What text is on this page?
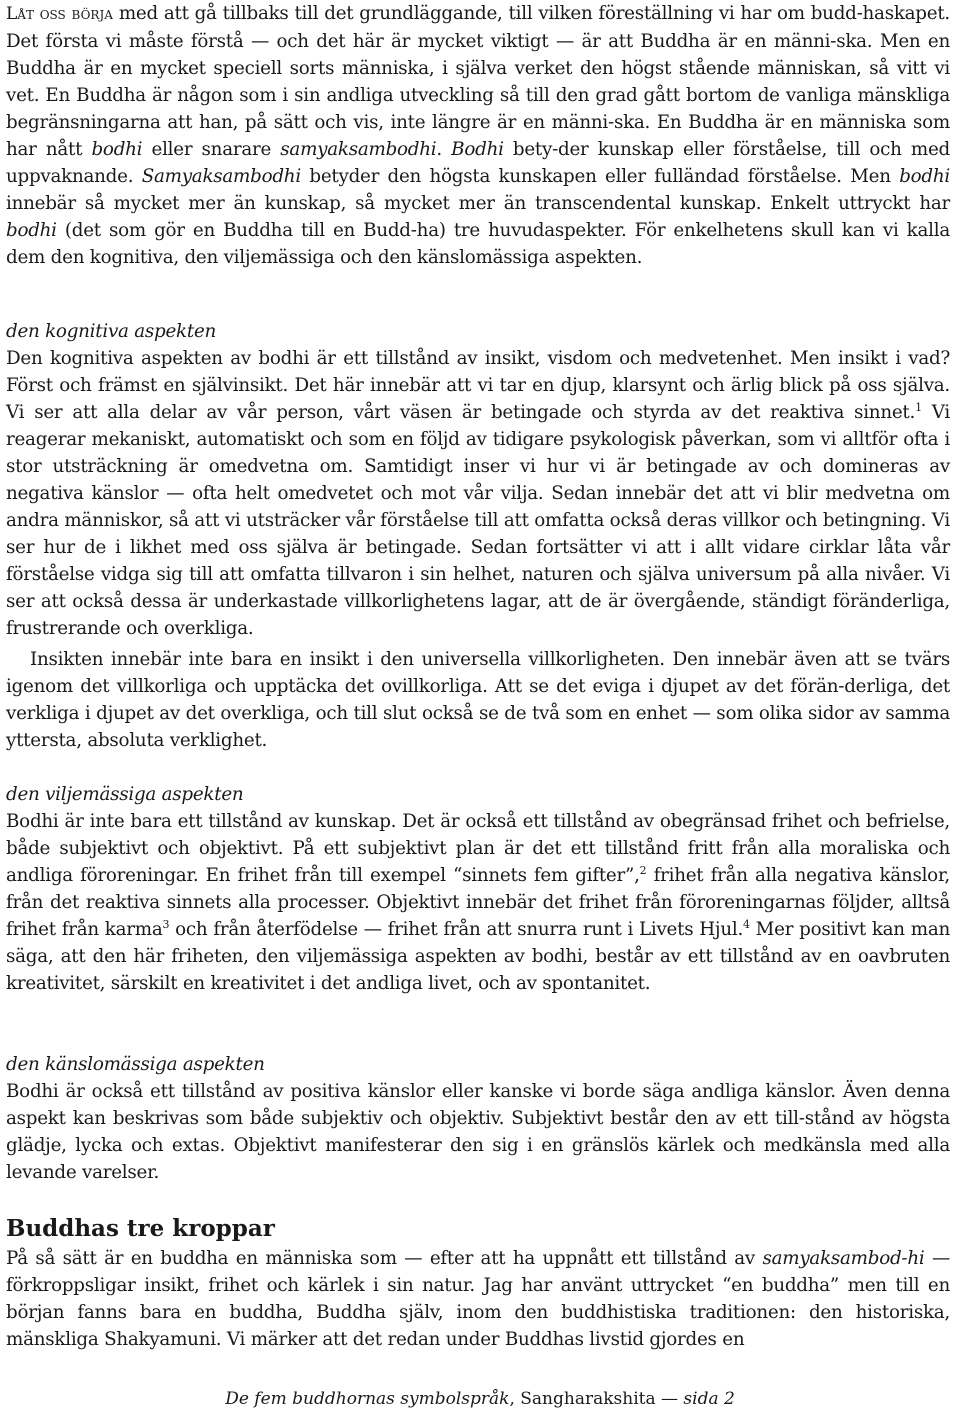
Låt oss börja med att gå tillbaks till det grundläggande, till vilken föreställning vi har om budd-haskapet. Det första vi måste förstå — och det här är mycket viktigt — är att Buddha är en männi-ska. Men en Buddha är en mycket speciell sorts människa, i själva verket den högst stående människan, så vitt vi vet. En Buddha är någon som i sin andliga utveckling så till den grad gått bortom de vanliga mänskliga begränsningarna att han, på sätt och vis, inte längre är en männi-ska. En Buddha är en människa som har nått bodhi eller snarare samyaksambodhi. Bodhi bety-der kunskap eller förståelse, till och med uppvaknande. Samyaksambodhi betyder den högsta kunskapen eller fulländad förståelse. Men bodhi innebär så mycket mer än kunskap, så mycket mer än transcendental kunskap. Enkelt uttryckt har bodhi (det som gör en Buddha till en Budd-ha) tre huvudaspekter. För enkelhetens skull kan vi kalla dem den kognitiva, den viljemässiga och den känslomässiga aspekten.

den kognitiva aspekten

Den kognitiva aspekten av bodhi är ett tillstånd av insikt, visdom och medvetenhet. Men insikt i vad? Först och främst en självinsikt. Det här innebär att vi tar en djup, klarsynt och ärlig blick på oss själva. Vi ser att alla delar av vår person, vårt väsen är betingade och styrda av det reaktiva sinnet.$^1$ Vi reagerar mekaniskt, automatiskt och som en följd av tidigare psykologisk påverkan, som vi alltför ofta i stor utsträckning är omedvetna om. Samtidigt inser vi hur vi är betingade av och domineras av negativa känslor — ofta helt omedvetet och mot vår vilja. Sedan innebär det att vi blir medvetna om andra människor, så att vi utsträcker vår förståelse till att omfatta också deras villkor och betingning. Vi ser hur de i likhet med oss själva är betingade. Sedan fortsätter vi att i allt vidare cirklar låta vår förståelse vidga sig till att omfatta tillvaron i sin helhet, naturen och själva universum på alla nivåer. Vi ser att också dessa är underkastade villkorlighetens lagar, att de är övergående, ständigt föränderliga, frustrerande och overkliga.

Insikten innebär inte bara en insikt i den universella villkorligheten. Den innebär även att se tvärs igenom det villkorliga och upptäcka det ovillkorliga. Att se det eviga i djupet av det förän-derliga, det verkliga i djupet av det overkliga, och till slut också se de två som en enhet — som olika sidor av samma yttersta, absoluta verklighet.

den viljemässiga aspekten

Bodhi är inte bara ett tillstånd av kunskap. Det är också ett tillstånd av obegränsad frihet och befrielse, både subjektivt och objektivt. På ett subjektivt plan är det ett tillstånd fritt från alla moraliska och andliga föroreningar. En frihet från till exempel “sinnets fem gifter”,$^2$ frihet från alla negativa känslor, från det reaktiva sinnets alla processer. Objektivt innebär det frihet från föroreningarnas följder, alltså frihet från karma$^3$ och från återfödelse — frihet från att snurra runt i Livets Hjul.$^4$ Mer positivt kan man säga, att den här friheten, den viljemässiga aspekten av bodhi, består av ett tillstånd av en oavbruten kreativitet, särskilt en kreativitet i det andliga livet, och av spontanitet.

den känslomässiga aspekten

Bodhi är också ett tillstånd av positiva känslor eller kanske vi borde säga andliga känslor. Även denna aspekt kan beskrivas som både subjektiv och objektiv. Subjektivt består den av ett till-stånd av högsta glädje, lycka och extas. Objektivt manifesterar den sig i en gränslös kärlek och medkänsla med alla levande varelser.

Buddhas tre kroppar

På så sätt är en buddha en människa som — efter att ha uppnått ett tillstånd av samyaksambod-hi — förkroppsligar insikt, frihet och kärlek i sin natur. Jag har använt uttrycket “en buddha” men till en början fanns bara en buddha, Buddha själv, inom den buddhistiska traditionen: den historiska, mänskliga Shakyamuni. Vi märker att det redan under Buddhas livstid gjordes en

De fem buddhornas symbolspråk, Sangharakshita — sida 2
